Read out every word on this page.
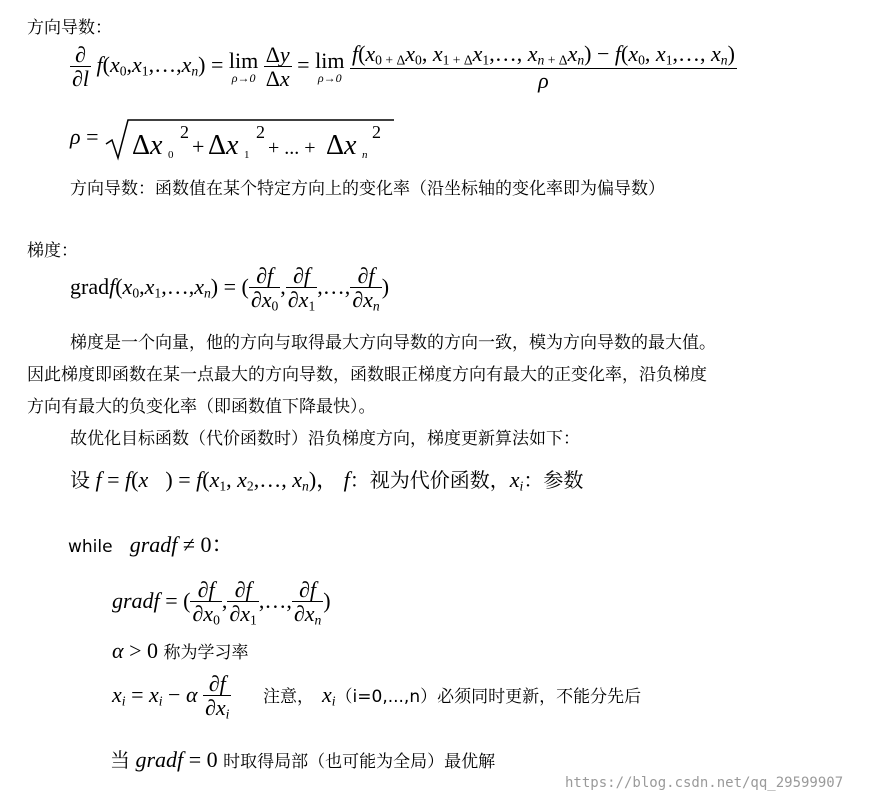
方向导数：
$\frac{\partial}{\partial l}$ $f(x_0,x_1,\dots,x_n) = \lim$
ρ→0
$\frac{\Delta y}{\Delta x} = \lim$
ρ→0
$\frac{f(x_{0 + \Delta}x_0, x_{1 + \Delta}x_1,\dots, x_n _{+ \Delta}x_n) - f(x_0, x_1,\dots, x_n)}{\rho}$
ρ = Δx 0
2
+ Δx 1
2
+ ... + Δx n
2
方向导数：函数值在某个特定方向上的变化率（沿坐标轴的变化率即为偏导数）
梯度：
$gradf(x_0,x_1,\dots,x_n)$ = ( $\frac{\partial f}{\partial x_0}$ , $\frac{\partial f}{\partial x_1}$ ,…, $\frac{\partial f}{\partial x_n}$ )
梯度是一个向量，他的方向与取得最大方向导数的方向一致，模为方向导数的最大值。
因此梯度即函数在某一点最大的方向导数，函数眼正梯度方向有最大的正变化率，沿负梯度
方向有最大的负变化率（即函数值下降最快）。
故优化目标函数（代价函数时）沿负梯度方向，梯度更新算法如下：
设 f = f(x⃗) = $f(x_1$, $x_2,\dots$, $x_n$)， f：视为代价函数，$x_i$：参数
while gradf ≠ 0：
gradf = ( $\frac{\partial f}{\partial x_0}$ , $\frac{\partial f}{\partial x_1}$ ,…, $\frac{\partial f}{\partial x_n}$ )
α > 0 称为学习率
$x_i = x_i - \alpha \frac{\partial f}{\partial x_i}$ 注意， $x_i(i=0,...,n)$必须同时更新，不能分先后
当 gradf = 0 时取得局部（也可能为全局）最优解
https://blog.csdn.net/qq_29599907
